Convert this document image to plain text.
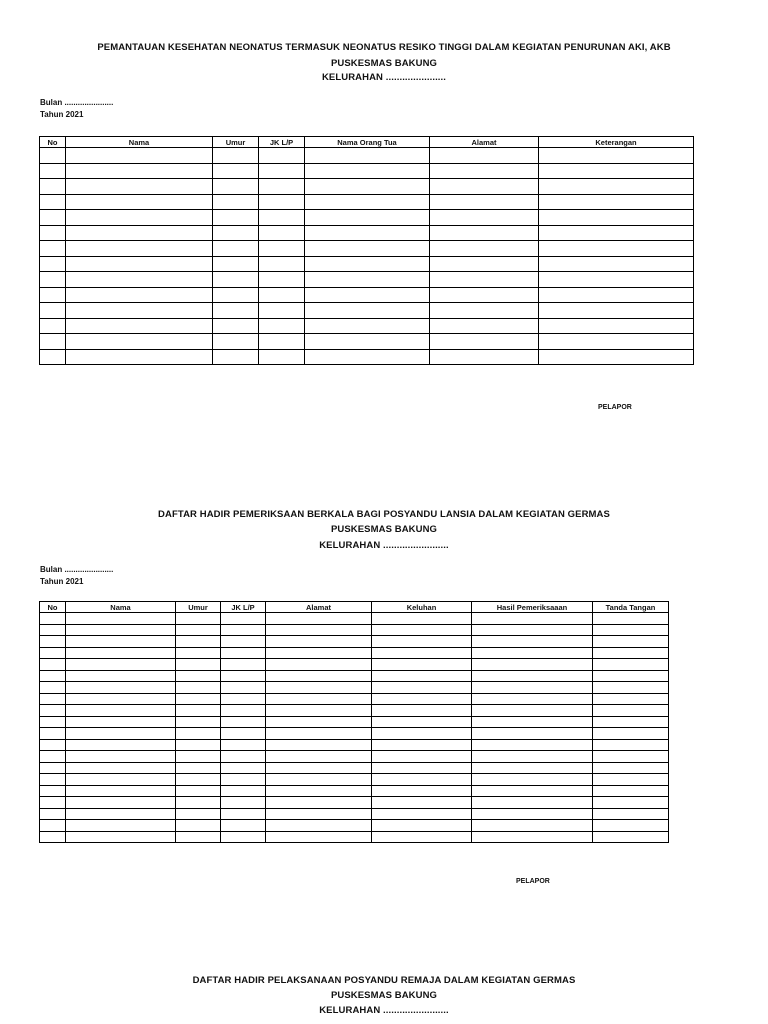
PEMANTAUAN KESEHATAN NEONATUS TERMASUK NEONATUS RESIKO TINGGI DALAM KEGIATAN PENURUNAN AKI, AKB
PUSKESMAS BAKUNG
KELURAHAN ......................
Bulan ......................
Tahun 2021
No	Nama	Umur	JK L/P	Nama Orang Tua	Alamat	Keterangan

PELAPOR
DAFTAR HADIR PEMERIKSAAN BERKALA BAGI POSYANDU LANSIA DALAM KEGIATAN GERMAS
PUSKESMAS BAKUNG
KELURAHAN ........................
Bulan ......................
Tahun 2021
No	Nama	Umur	JK L/P	Alamat	Keluhan	Hasil Pemeriksaaan	Tanda Tangan

PELAPOR
DAFTAR HADIR PELAKSANAAN POSYANDU REMAJA DALAM KEGIATAN GERMAS
PUSKESMAS BAKUNG
KELURAHAN ........................
